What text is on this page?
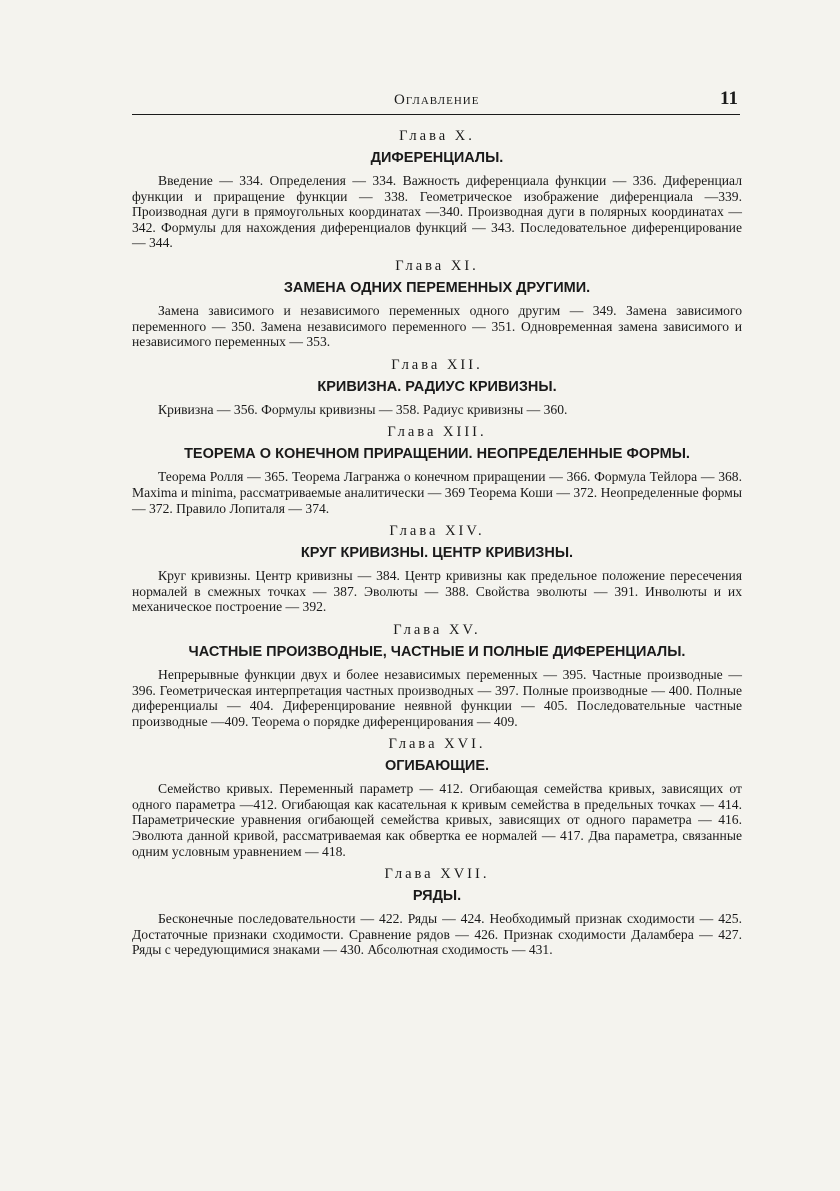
Оглавление	11
Глава X.
ДИФЕРЕНЦИАЛЫ.

Введение — 334. Определения — 334. Важность диференциала функции — 336. Диференциал функции и приращение функции — 338. Геометрическое изображение диференциала —339. Производная дуги в прямоугольных координатах —340. Производная дуги в полярных координатах — 342. Формулы для нахождения диференциалов функций — 343. Последовательное диференцирование — 344.

Глава XI.
ЗАМЕНА ОДНИХ ПЕРЕМЕННЫХ ДРУГИМИ.

Замена зависимого и независимого переменных одного другим — 349. Замена зависимого переменного — 350. Замена независимого переменного — 351. Одновременная замена зависимого и независимого переменных — 353.

Глава XII.
КРИВИЗНА. РАДИУС КРИВИЗНЫ.

Кривизна — 356. Формулы кривизны — 358. Радиус кривизны — 360.

Глава XIII.
ТЕОРЕМА О КОНЕЧНОМ ПРИРАЩЕНИИ. НЕОПРЕДЕЛЕННЫЕ ФОРМЫ.

Теорема Ролля — 365. Теорема Лагранжа о конечном приращении — 366. Формула Тейлора — 368. Maxima и minima, рассматриваемые аналитически — 369 Теорема Коши — 372. Неопределенные формы — 372. Правило Лопиталя — 374.

Глава XIV.
КРУГ КРИВИЗНЫ. ЦЕНТР КРИВИЗНЫ.

Круг кривизны. Центр кривизны — 384. Центр кривизны как предельное положение пересечения нормалей в смежных точках — 387. Эволюты — 388. Свойства эволюты — 391. Инволюты и их механическое построение — 392.

Глава XV.
ЧАСТНЫЕ ПРОИЗВОДНЫЕ, ЧАСТНЫЕ И ПОЛНЫЕ ДИФЕРЕНЦИАЛЫ.

Непрерывные функции двух и более независимых переменных — 395. Частные производные — 396. Геометрическая интерпретация частных производных — 397. Полные производные — 400. Полные диференциалы — 404. Диференцирование неявной функции — 405. Последовательные частные производные —409. Теорема о порядке диференцирования — 409.

Глава XVI.
ОГИБАЮЩИЕ.

Семейство кривых. Переменный параметр — 412. Огибающая семейства кривых, зависящих от одного параметра —412. Огибающая как касательная к кривым семейства в предельных точках — 414. Параметрические уравнения огибающей семейства кривых, зависящих от одного параметра — 416. Эволюта данной кривой, рассматриваемая как обвертка ее нормалей — 417. Два параметра, связанные одним условным уравнением — 418.

Глава XVII.
РЯДЫ.

Бесконечные последовательности — 422. Ряды — 424. Необходимый признак сходимости — 425. Достаточные признаки сходимости. Сравнение рядов — 426. Признак сходимости Даламбера — 427. Ряды с чередующимися знаками — 430. Абсолютная сходимость — 431.
